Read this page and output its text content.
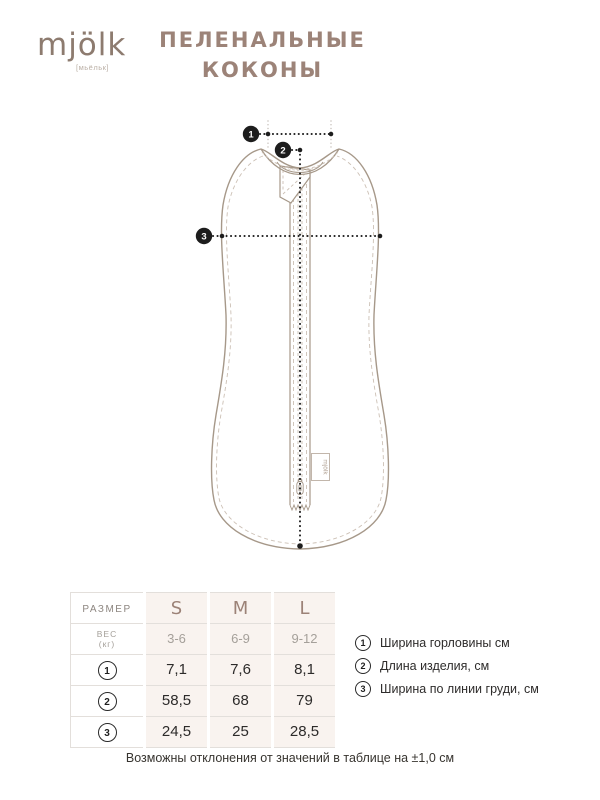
mjölk
[мьёльк]
ПЕЛЕНАЛЬНЫЕ
КОКОНЫ
mjölk
1
2
3
РАЗМЕР	S	M	L

ВЕС
(кг)	3-6	6-9	9-12
1	7,1	7,6	8,1
2	58,5	68	79
3	24,5	25	28,5
1	Ширина горловины см
2	Длина изделия, см
3	Ширина по линии груди, см
Возможны отклонения от значений в таблице на ±1,0 см
